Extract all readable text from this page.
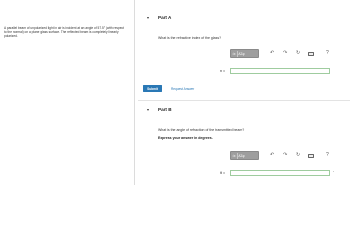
A parallel beam of unpolarized light in air is incident at an angle of 57.5° (with respect to the normal) on a plane glass surface. The reflected beam is completely linearly polarized.
▾ Part A
What is the refractive index of the glass?
√x ΑΣφ	↶ ↷ ↻	?
n =
Submit	Request Answer
▾ Part B
What is the angle of refraction of the transmitted beam?
Express your answer in degrees.
√x ΑΣφ	↶ ↷ ↻	?
θ =	°
